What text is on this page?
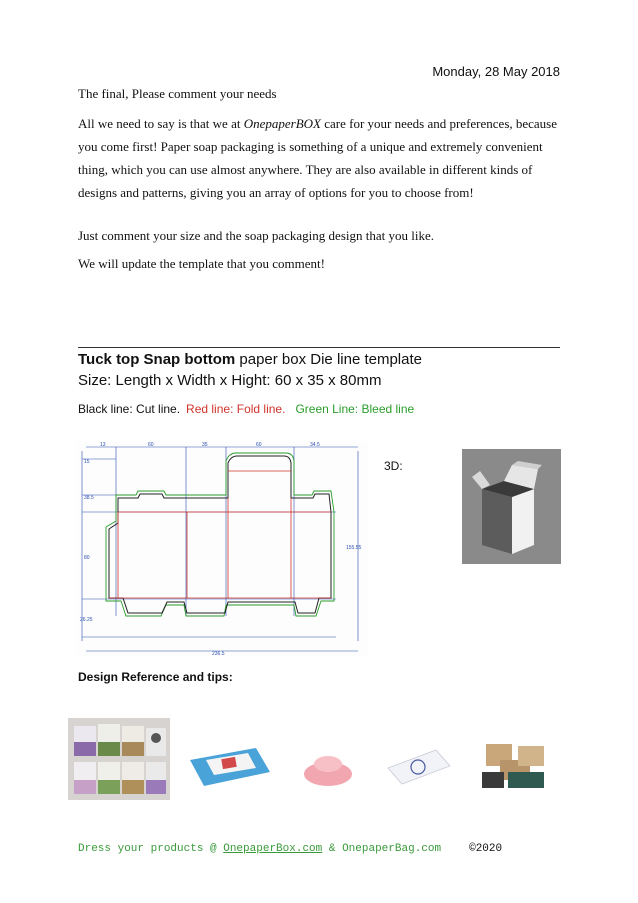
Monday, 28 May 2018
The final, Please comment your needs
All we need to say is that we at OnepaperBOX care for your needs and preferences, because you come first! Paper soap packaging is something of a unique and extremely convenient thing, which you can use almost anywhere. They are also available in different kinds of designs and patterns, giving you an array of options for you to choose from!
Just comment your size and the soap packaging design that you like.
We will update the template that you comment!
Tuck top Snap bottom paper box Die line template
Size: Length x Width x Hight: 60 x 35 x 80mm
Black line: Cut line. Red line: Fold line. Green Line: Bleed line
13	60	35	60	34.5
15
38.5
80
26.25
155.55
236.5
3D:
Design Reference and tips:
Dress your products @ OnepaperBox.com & OnepaperBag.com	©2020
